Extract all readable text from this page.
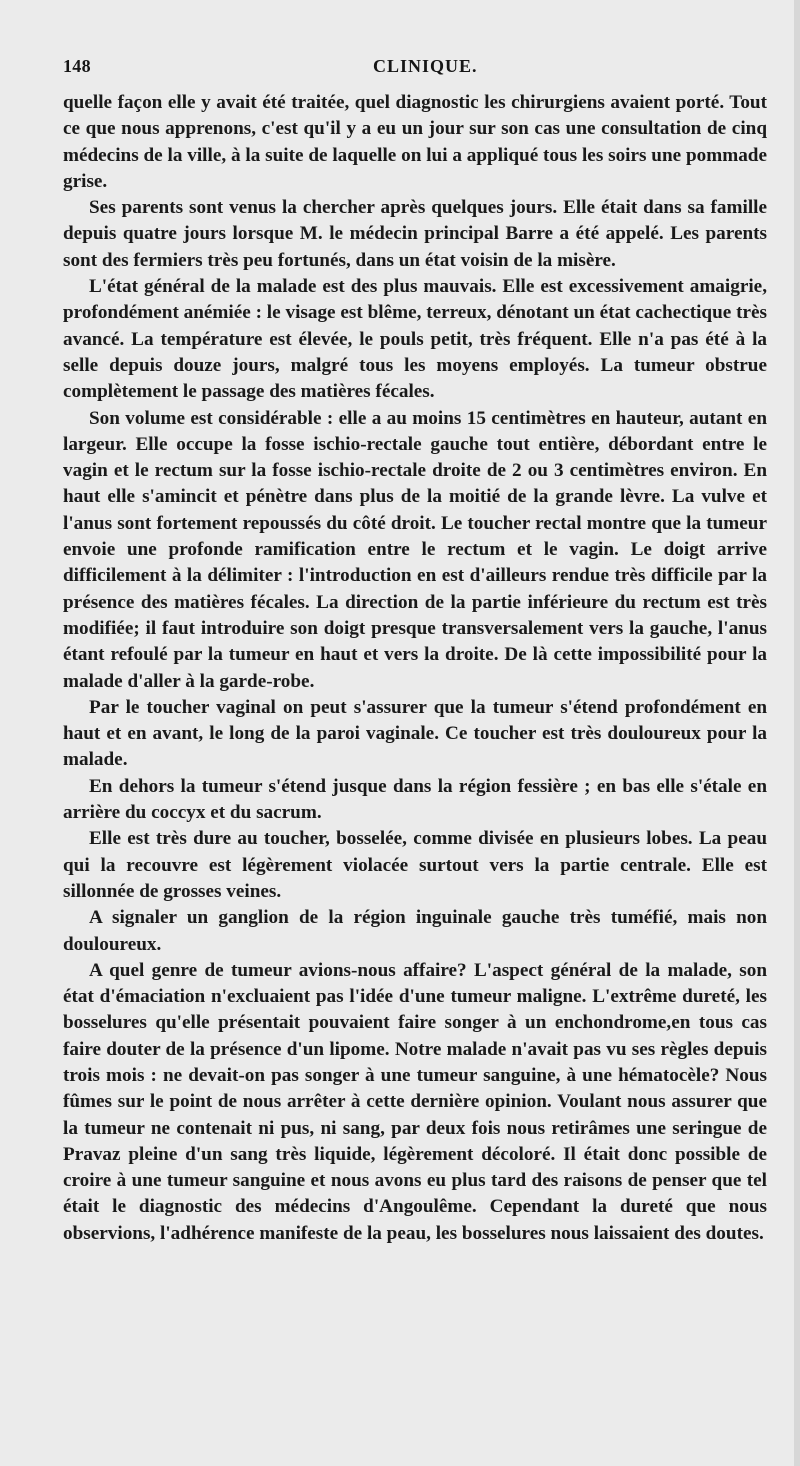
148	CLINIQUE.

quelle façon elle y avait été traitée, quel diagnostic les chirurgiens avaient porté. Tout ce que nous apprenons, c'est qu'il y a eu un jour sur son cas une consultation de cinq médecins de la ville, à la suite de laquelle on lui a appliqué tous les soirs une pommade grise.

Ses parents sont venus la chercher après quelques jours. Elle était dans sa famille depuis quatre jours lorsque M. le médecin principal Barre a été appelé. Les parents sont des fermiers très peu fortunés, dans un état voisin de la misère.

L'état général de la malade est des plus mauvais. Elle est excessivement amaigrie, profondément anémiée : le visage est blême, terreux, dénotant un état cachectique très avancé. La température est élevée, le pouls petit, très fréquent. Elle n'a pas été à la selle depuis douze jours, malgré tous les moyens employés. La tumeur obstrue complètement le passage des matières fécales.

Son volume est considérable : elle a au moins 15 centimètres en hauteur, autant en largeur. Elle occupe la fosse ischio-rectale gauche tout entière, débordant entre le vagin et le rectum sur la fosse ischio-rectale droite de 2 ou 3 centimètres environ. En haut elle s'amincit et pénètre dans plus de la moitié de la grande lèvre. La vulve et l'anus sont fortement repoussés du côté droit. Le toucher rectal montre que la tumeur envoie une profonde ramification entre le rectum et le vagin. Le doigt arrive difficilement à la délimiter : l'introduction en est d'ailleurs rendue très difficile par la présence des matières fécales. La direction de la partie inférieure du rectum est très modifiée; il faut introduire son doigt presque transversalement vers la gauche, l'anus étant refoulé par la tumeur en haut et vers la droite. De là cette impossibilité pour la malade d'aller à la garde-robe.

Par le toucher vaginal on peut s'assurer que la tumeur s'étend profondément en haut et en avant, le long de la paroi vaginale. Ce toucher est très douloureux pour la malade.

En dehors la tumeur s'étend jusque dans la région fessière ; en bas elle s'étale en arrière du coccyx et du sacrum.

Elle est très dure au toucher, bosselée, comme divisée en plusieurs lobes. La peau qui la recouvre est légèrement violacée surtout vers la partie centrale. Elle est sillonnée de grosses veines.

A signaler un ganglion de la région inguinale gauche très tuméfié, mais non douloureux.

A quel genre de tumeur avions-nous affaire? L'aspect général de la malade, son état d'émaciation n'excluaient pas l'idée d'une tumeur maligne. L'extrême dureté, les bosselures qu'elle présentait pouvaient faire songer à un enchondrome,en tous cas faire douter de la présence d'un lipome. Notre malade n'avait pas vu ses règles depuis trois mois : ne devait-on pas songer à une tumeur sanguine, à une hématocèle? Nous fûmes sur le point de nous arrêter à cette dernière opinion. Voulant nous assurer que la tumeur ne contenait ni pus, ni sang, par deux fois nous retirâmes une seringue de Pravaz pleine d'un sang très liquide, légèrement décoloré. Il était donc possible de croire à une tumeur sanguine et nous avons eu plus tard des raisons de penser que tel était le diagnostic des médecins d'Angoulême. Cependant la dureté que nous observions, l'adhérence manifeste de la peau, les bosselures nous laissaient des doutes.
